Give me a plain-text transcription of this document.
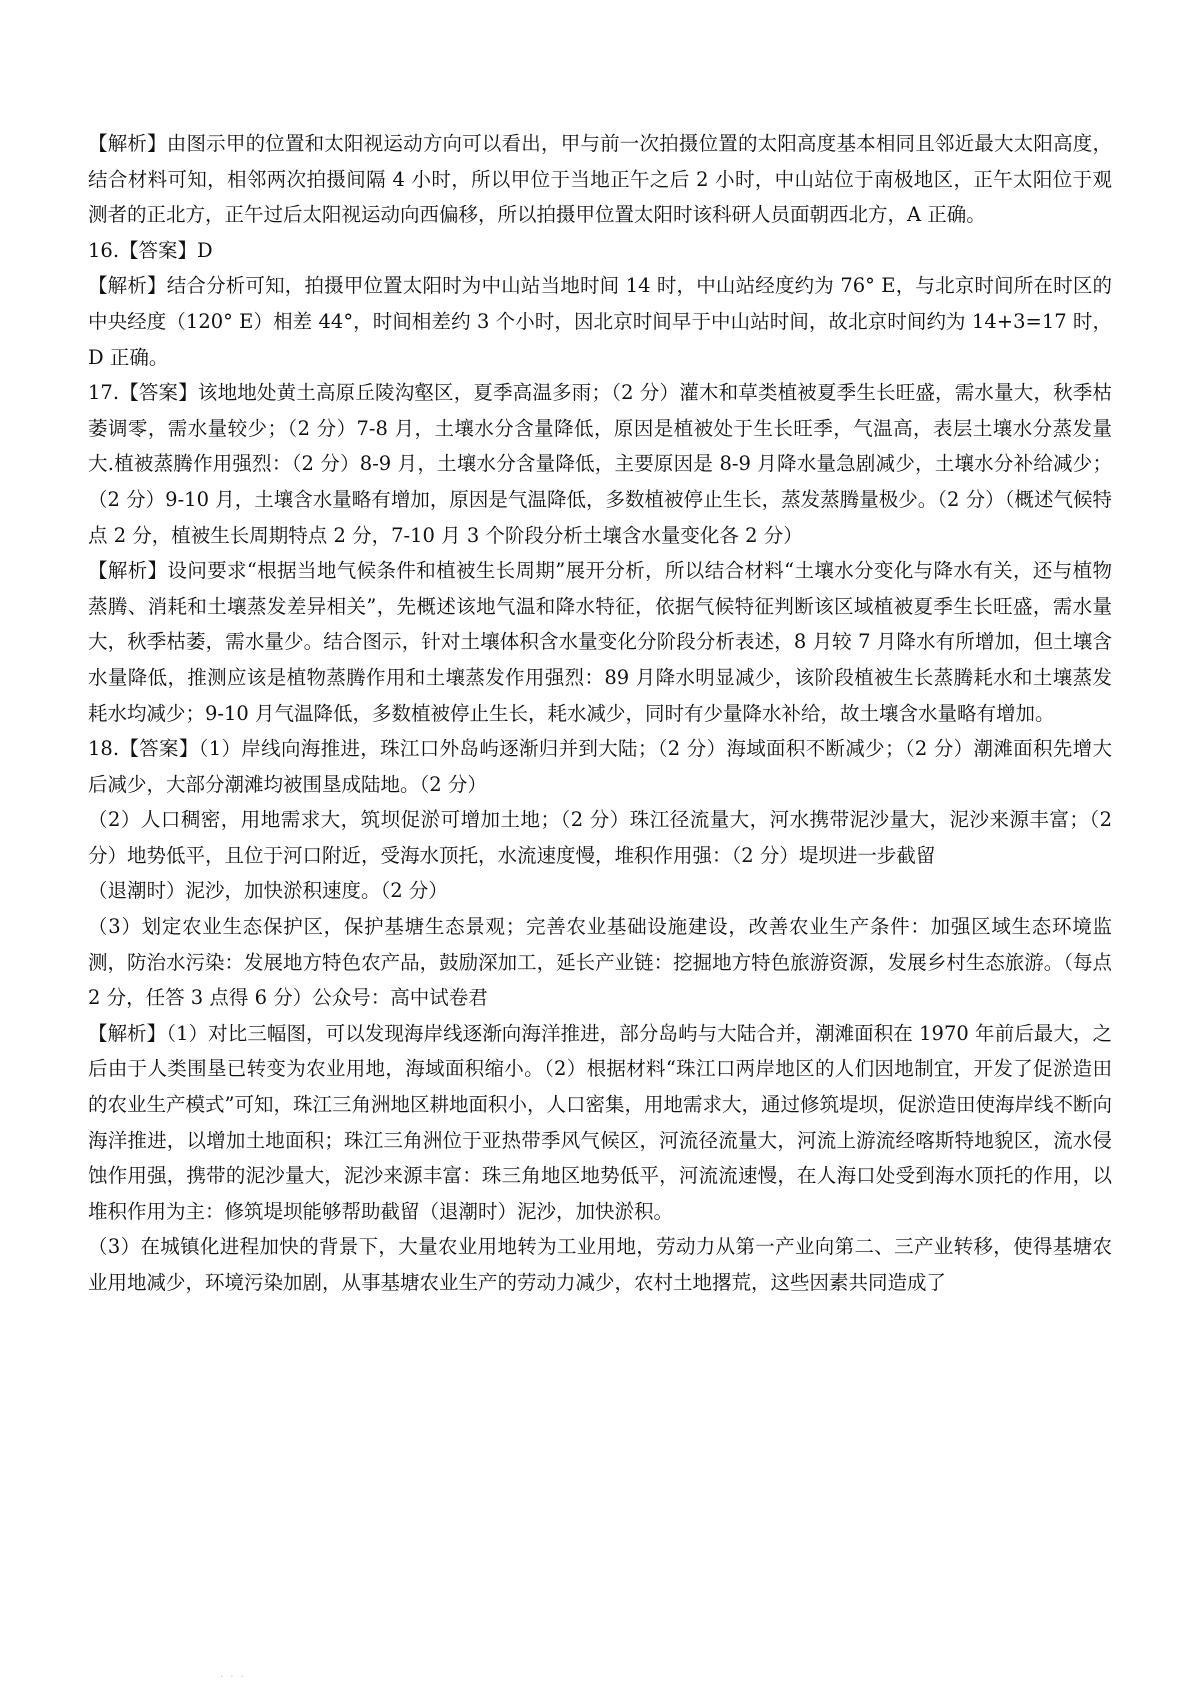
【解析】由图示甲的位置和太阳视运动方向可以看出，甲与前一次拍摄位置的太阳高度基本相同且邻近最大太阳高度，结合材料可知，相邻两次拍摄间隔 4 小时，所以甲位于当地正午之后 2 小时，中山站位于南极地区，正午太阳位于观测者的正北方，正午过后太阳视运动向西偏移，所以拍摄甲位置太阳时该科研人员面朝西北方，A 正确。

16.【答案】D

【解析】结合分析可知，拍摄甲位置太阳时为中山站当地时间 14 时，中山站经度约为 76° E，与北京时间所在时区的中央经度（120° E）相差 44°，时间相差约 3 个小时，因北京时间早于中山站时间，故北京时间约为 14+3=17 时，D 正确。

17.【答案】该地地处黄土高原丘陵沟壑区，夏季高温多雨；（2 分）灌木和草类植被夏季生长旺盛，需水量大，秋季枯萎调零，需水量较少；（2 分）7-8 月，土壤水分含量降低，原因是植被处于生长旺季，气温高，表层土壤水分蒸发量大.植被蒸腾作用强烈：（2 分）8-9 月，土壤水分含量降低，主要原因是 8-9 月降水量急剧减少，土壤水分补给减少；（2 分）9-10 月，土壤含水量略有增加，原因是气温降低，多数植被停止生长，蒸发蒸腾量极少。（2 分）（概述气候特点 2 分，植被生长周期特点 2 分，7-10 月 3 个阶段分析土壤含水量变化各 2 分）

【解析】设问要求“根据当地气候条件和植被生长周期”展开分析，所以结合材料“土壤水分变化与降水有关，还与植物蒸腾、消耗和土壤蒸发差异相关”，先概述该地气温和降水特征，依据气候特征判断该区域植被夏季生长旺盛，需水量大，秋季枯萎，需水量少。结合图示，针对土壤体积含水量变化分阶段分析表述，8 月较 7 月降水有所增加，但土壤含水量降低，推测应该是植物蒸腾作用和土壤蒸发作用强烈：89 月降水明显减少，该阶段植被生长蒸腾耗水和土壤蒸发耗水均减少；9-10 月气温降低，多数植被停止生长，耗水减少，同时有少量降水补给，故土壤含水量略有增加。

18.【答案】（1）岸线向海推进，珠江口外岛屿逐渐归并到大陆；（2 分）海域面积不断减少；（2 分）潮滩面积先增大后减少，大部分潮滩均被围垦成陆地。（2 分）

（2）人口稠密，用地需求大，筑坝促淤可增加土地；（2 分）珠江径流量大，河水携带泥沙量大，泥沙来源丰富；（2 分）地势低平，且位于河口附近，受海水顶托，水流速度慢，堆积作用强：（2 分）堤坝进一步截留

（退潮时）泥沙，加快淤积速度。（2 分）

（3）划定农业生态保护区，保护基塘生态景观；完善农业基础设施建设，改善农业生产条件：加强区域生态环境监测，防治水污染：发展地方特色农产品，鼓励深加工，延长产业链：挖掘地方特色旅游资源，发展乡村生态旅游。（每点 2 分，任答 3 点得 6 分）公众号：高中试卷君

【解析】（1）对比三幅图，可以发现海岸线逐渐向海洋推进，部分岛屿与大陆合并，潮滩面积在 1970 年前后最大，之后由于人类围垦已转变为农业用地，海域面积缩小。（2）根据材料“珠江口两岸地区的人们因地制宜，开发了促淤造田的农业生产模式”可知，珠江三角洲地区耕地面积小，人口密集，用地需求大，通过修筑堤坝，促淤造田使海岸线不断向海洋推进，以增加土地面积；珠江三角洲位于亚热带季风气候区，河流径流量大，河流上游流经喀斯特地貌区，流水侵蚀作用强，携带的泥沙量大，泥沙来源丰富：珠三角地区地势低平，河流流速慢，在人海口处受到海水顶托的作用，以堆积作用为主：修筑堤坝能够帮助截留（退潮时）泥沙，加快淤积。

（3）在城镇化进程加快的背景下，大量农业用地转为工业用地，劳动力从第一产业向第二、三产业转移，使得基塘农业用地减少，环境污染加剧，从事基塘农业生产的劳动力减少，农村土地撂荒，这些因素共同造成了

· · ·
